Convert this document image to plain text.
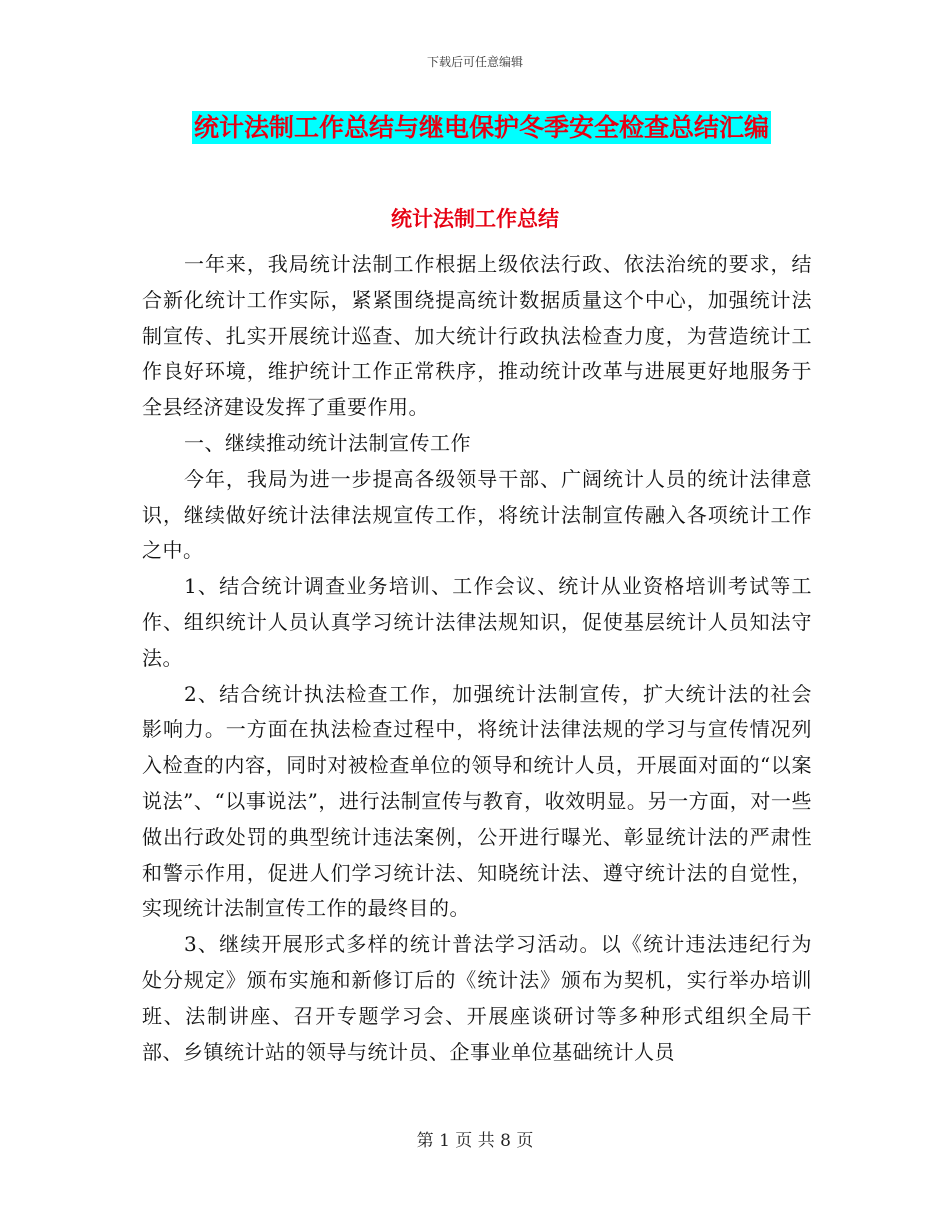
下载后可任意编辑
统计法制工作总结与继电保护冬季安全检查总结汇编
统计法制工作总结

一年来，我局统计法制工作根据上级依法行政、依法治统的要求，结合新化统计工作实际，紧紧围绕提高统计数据质量这个中心，加强统计法制宣传、扎实开展统计巡查、加大统计行政执法检查力度，为营造统计工作良好环境，维护统计工作正常秩序，推动统计改革与进展更好地服务于全县经济建设发挥了重要作用。

一、继续推动统计法制宣传工作

今年，我局为进一步提高各级领导干部、广阔统计人员的统计法律意识，继续做好统计法律法规宣传工作，将统计法制宣传融入各项统计工作之中。

1、结合统计调查业务培训、工作会议、统计从业资格培训考试等工作、组织统计人员认真学习统计法律法规知识，促使基层统计人员知法守法。

2、结合统计执法检查工作，加强统计法制宣传，扩大统计法的社会影响力。一方面在执法检查过程中，将统计法律法规的学习与宣传情况列入检查的内容，同时对被检查单位的领导和统计人员，开展面对面的“以案说法”、“以事说法”，进行法制宣传与教育，收效明显。另一方面，对一些做出行政处罚的典型统计违法案例，公开进行曝光、彰显统计法的严肃性和警示作用，促进人们学习统计法、知晓统计法、遵守统计法的自觉性，实现统计法制宣传工作的最终目的。

3、继续开展形式多样的统计普法学习活动。以《统计违法违纪行为处分规定》颁布实施和新修订后的《统计法》颁布为契机，实行举办培训班、法制讲座、召开专题学习会、开展座谈研讨等多种形式组织全局干部、乡镇统计站的领导与统计员、企事业单位基础统计人员

第 1 页 共 8 页
